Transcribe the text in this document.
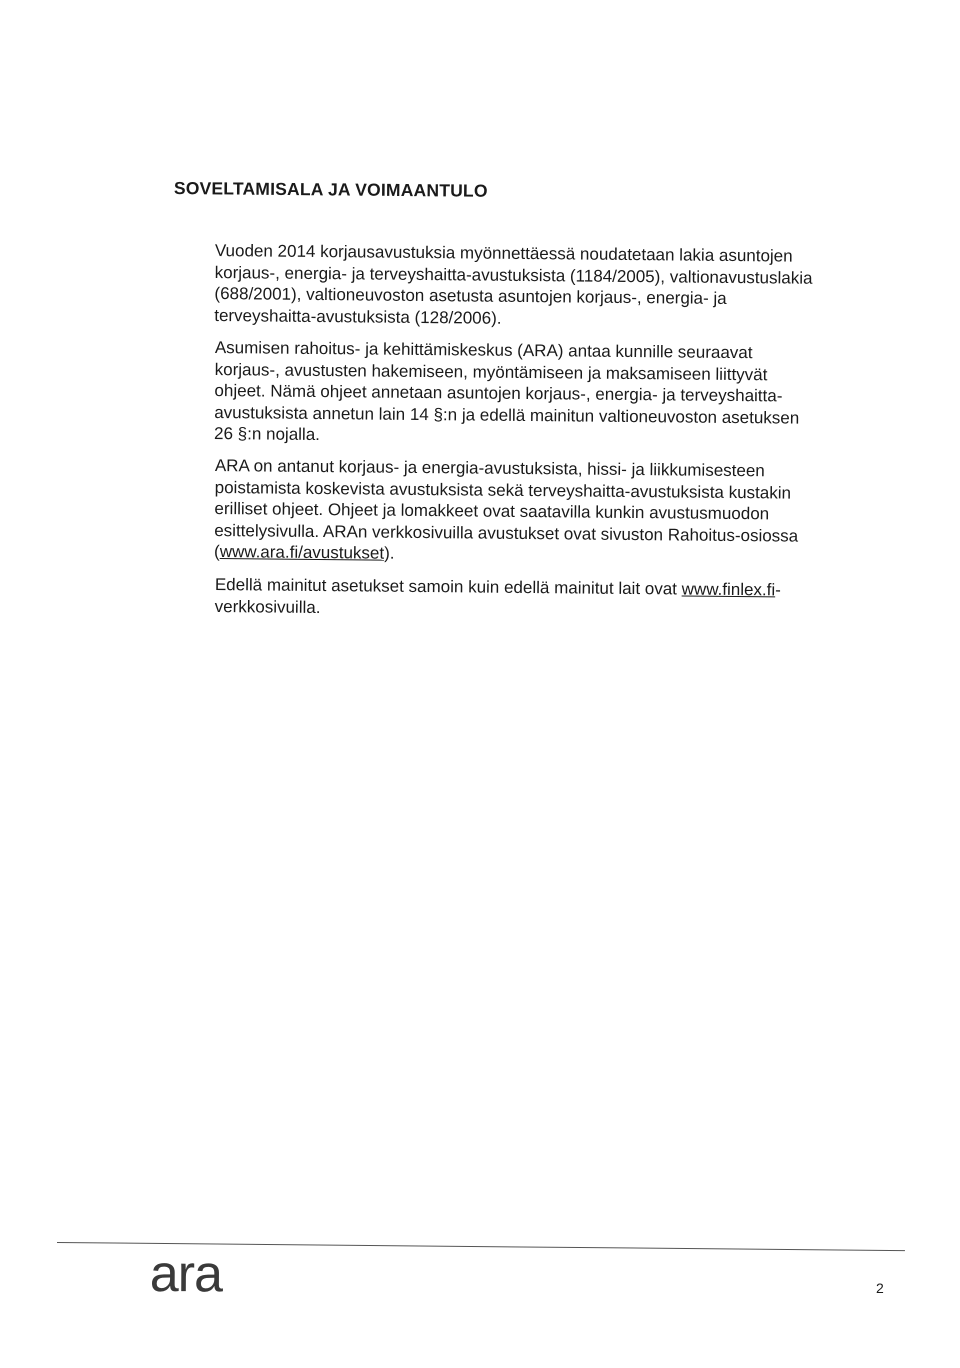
SOVELTAMISALA JA VOIMAANTULO

Vuoden 2014 korjausavustuksia myönnettäessä noudatetaan lakia asuntojen korjaus-, energia- ja terveyshaitta-avustuksista (1184/2005), valtionavustuslakia (688/2001), valtioneuvoston asetusta asuntojen korjaus-, energia- ja terveyshaitta-avustuksista (128/2006).

Asumisen rahoitus- ja kehittämiskeskus (ARA) antaa kunnille seuraavat korjaus-, avustusten hakemiseen, myöntämiseen ja maksamiseen liittyvät ohjeet. Nämä ohjeet annetaan asuntojen korjaus-, energia- ja terveyshaitta-avustuksista annetun lain 14 §:n ja edellä mainitun valtioneuvoston asetuksen 26 §:n nojalla.

ARA on antanut korjaus- ja energia-avustuksista, hissi- ja liikkumisesteen poistamista koskevista avustuksista sekä terveyshaitta-avustuksista kustakin erilliset ohjeet. Ohjeet ja lomakkeet ovat saatavilla kunkin avustusmuodon esittelysivulla. ARAn verkkosivuilla avustukset ovat sivuston Rahoitus-osiossa (www.ara.fi/avustukset).

Edellä mainitut asetukset samoin kuin edellä mainitut lait ovat www.finlex.fi-verkkosivuilla.

ara	2
